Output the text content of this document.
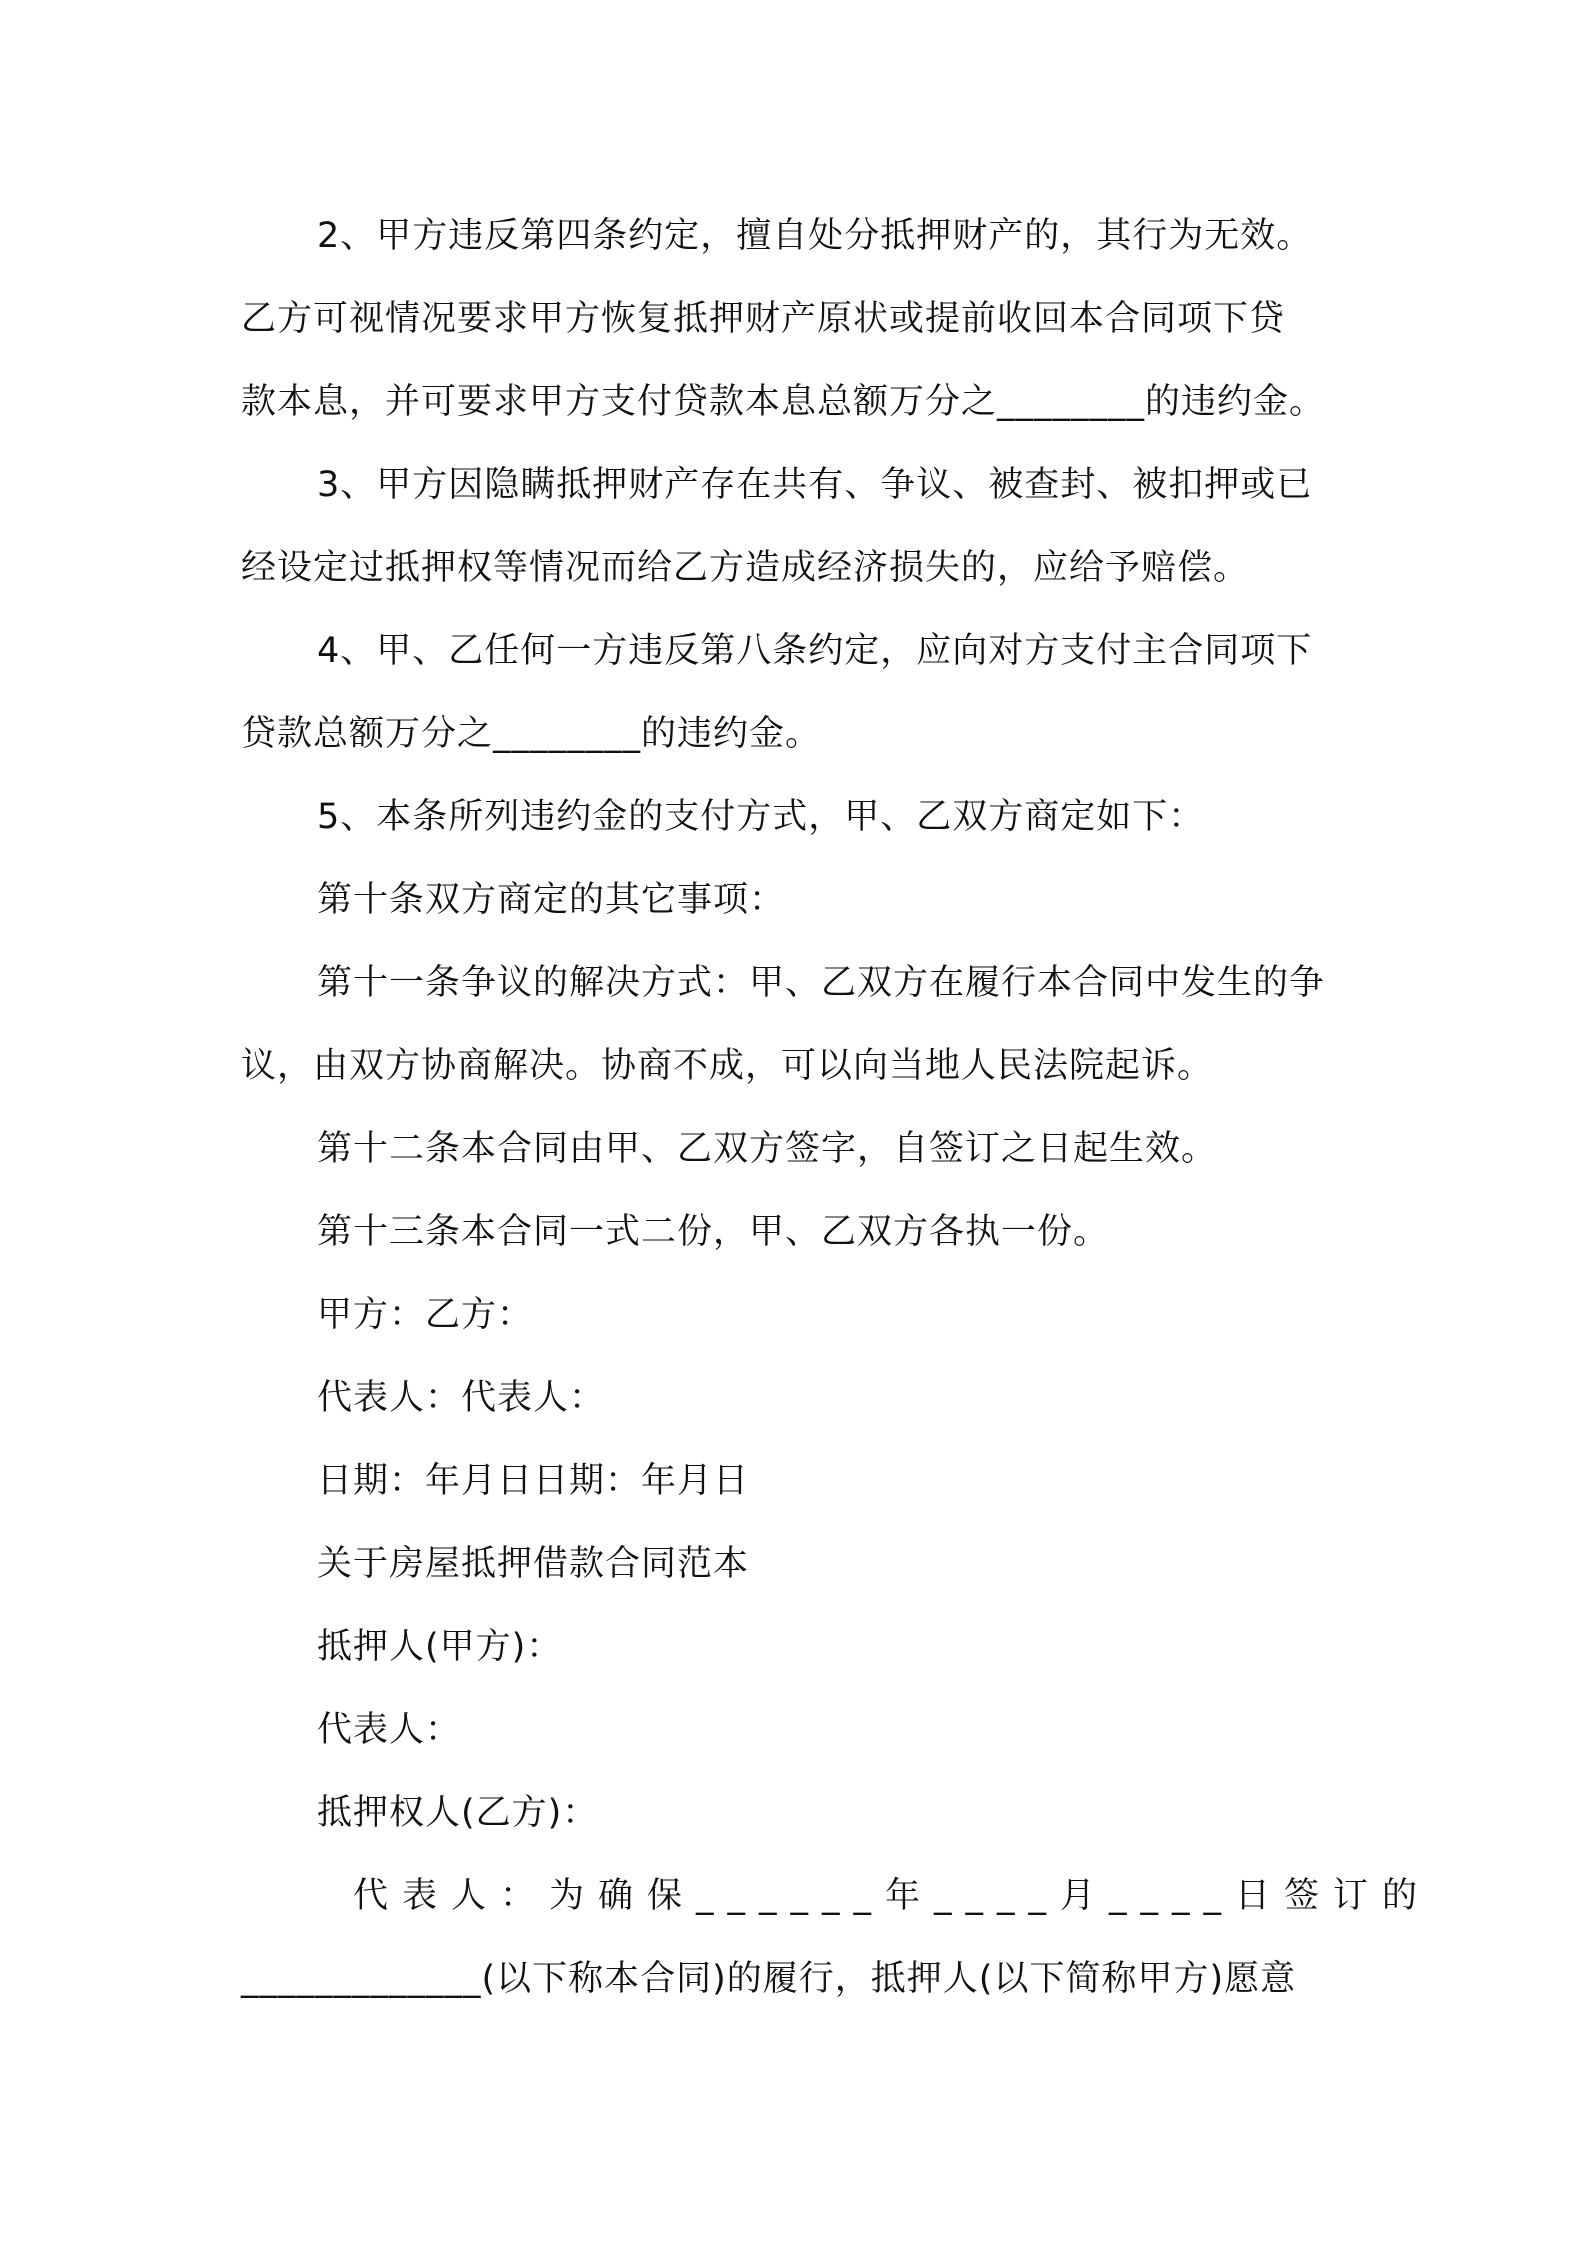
2、甲方违反第四条约定，擅自处分抵押财产的，其行为无效。
乙方可视情况要求甲方恢复抵押财产原状或提前收回本合同项下贷
款本息，并可要求甲方支付贷款本息总额万分之________的违约金。

3、甲方因隐瞒抵押财产存在共有、争议、被查封、被扣押或已
经设定过抵押权等情况而给乙方造成经济损失的，应给予赔偿。

4、甲、乙任何一方违反第八条约定，应向对方支付主合同项下
贷款总额万分之________的违约金。

5、本条所列违约金的支付方式，甲、乙双方商定如下：

第十条双方商定的其它事项：

第十一条争议的解决方式：甲、乙双方在履行本合同中发生的争
议，由双方协商解决。协商不成，可以向当地人民法院起诉。

第十二条本合同由甲、乙双方签字，自签订之日起生效。

第十三条本合同一式二份，甲、乙双方各执一份。

甲方：乙方：

代表人：代表人：

日期：年月日日期：年月日

关于房屋抵押借款合同范本

抵押人(甲方)：

代表人：

抵押权人(乙方)：

代表人：为确保______年____月____日签订的
_____________(以下称本合同)的履行，抵押人(以下简称甲方)愿意
